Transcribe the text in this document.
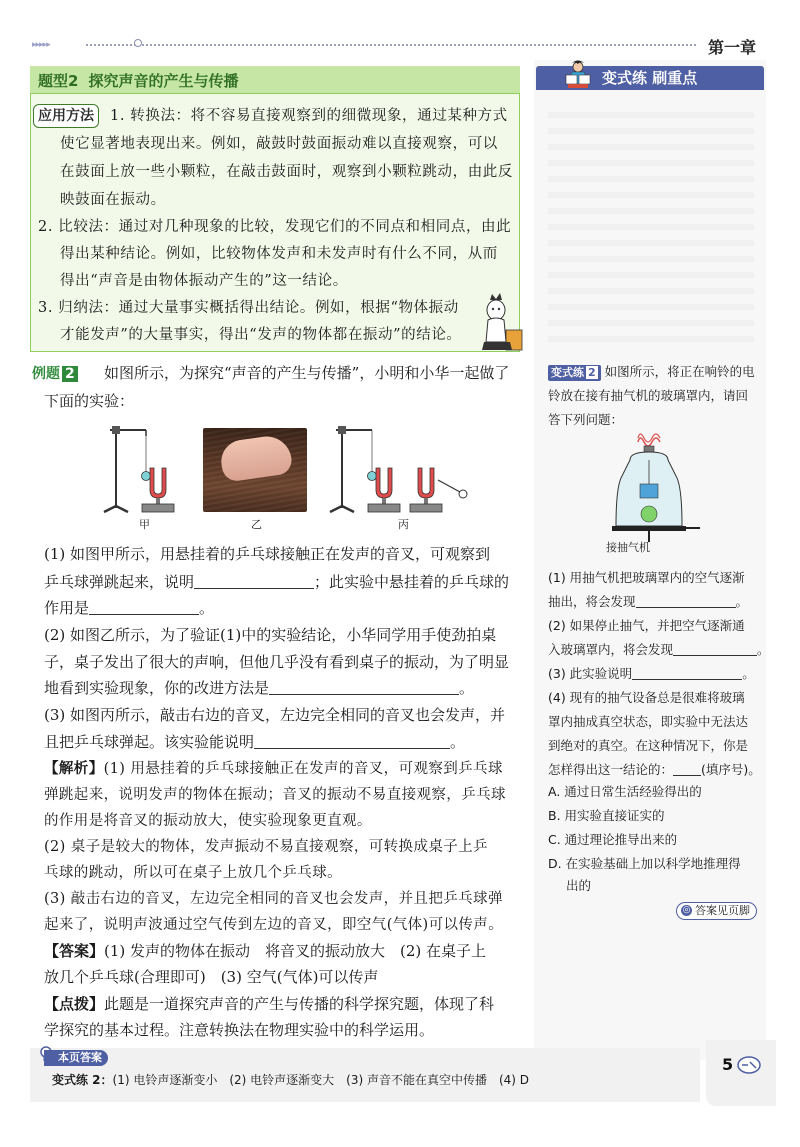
▸▸▸▸▸	第一章
变式练 刷重点
题型2 探究声音的产生与传播
应用方法	1. 转换法：将不容易直接观察到的细微现象，通过某种方式
使它显著地表现出来。例如，敲鼓时鼓面振动难以直接观察，可以
在鼓面上放一些小颗粒，在敲击鼓面时，观察到小颗粒跳动，由此反
映鼓面在振动。
2. 比较法：通过对几种现象的比较，发现它们的不同点和相同点，由此
得出某种结论。例如，比较物体发声和未发声时有什么不同，从而
得出“声音是由物体振动产生的”这一结论。
3. 归纳法：通过大量事实概括得出结论。例如，根据“物体振动
才能发声”的大量事实，得出“发声的物体都在振动”的结论。
例题 2 如图所示，为探究“声音的产生与传播”，小明和小华一起做了
下面的实验：
甲	乙	丙
(1) 如图甲所示，用悬挂着的乒乓球接触正在发声的音叉，可观察到
乒乓球弹跳起来，说明	；此实验中悬挂着的乒乓球的
作用是	。
(2) 如图乙所示，为了验证(1)中的实验结论，小华同学用手使劲拍桌
子，桌子发出了很大的声响，但他几乎没有看到桌子的振动，为了明显
地看到实验现象，你的改进方法是	。
(3) 如图丙所示，敲击右边的音叉，左边完全相同的音叉也会发声，并
且把乒乓球弹起。该实验能说明	。
【解析】(1) 用悬挂着的乒乓球接触正在发声的音叉，可观察到乒乓球
弹跳起来，说明发声的物体在振动；音叉的振动不易直接观察，乒乓球
的作用是将音叉的振动放大，使实验现象更直观。
(2) 桌子是较大的物体，发声振动不易直接观察，可转换成桌子上乒
乓球的跳动，所以可在桌子上放几个乒乓球。
(3) 敲击右边的音叉，左边完全相同的音叉也会发声，并且把乒乓球弹
起来了，说明声波通过空气传到左边的音叉，即空气(气体)可以传声。
【答案】(1) 发声的物体在振动　将音叉的振动放大　(2) 在桌子上
放几个乒乓球(合理即可)　(3) 空气(气体)可以传声
【点拨】此题是一道探究声音的产生与传播的科学探究题，体现了科
学探究的基本过程。注意转换法在物理实验中的科学运用。
变式练 2 如图所示，将正在响铃的电
铃放在接有抽气机的玻璃罩内，请回
答下列问题：
接抽气机
(1) 用抽气机把玻璃罩内的空气逐渐
抽出，将会发现	。
(2) 如果停止抽气，并把空气逐渐通
入玻璃罩内，将会发现	。
(3) 此实验说明	。
(4) 现有的抽气设备总是很难将玻璃
罩内抽成真空状态，即实验中无法达
到绝对的真空。在这种情况下，你是
怎样得出这一结论的： (填序号)。
A. 通过日常生活经验得出的
B. 用实验直接证实的
C. 通过理论推导出来的
D. 在实验基础上加以科学地推理得
出的
◎ 答案见页脚
本页答案
变式练 2：(1) 电铃声逐渐变小　(2) 电铃声逐渐变大　(3) 声音不能在真空中传播　(4) D
5
